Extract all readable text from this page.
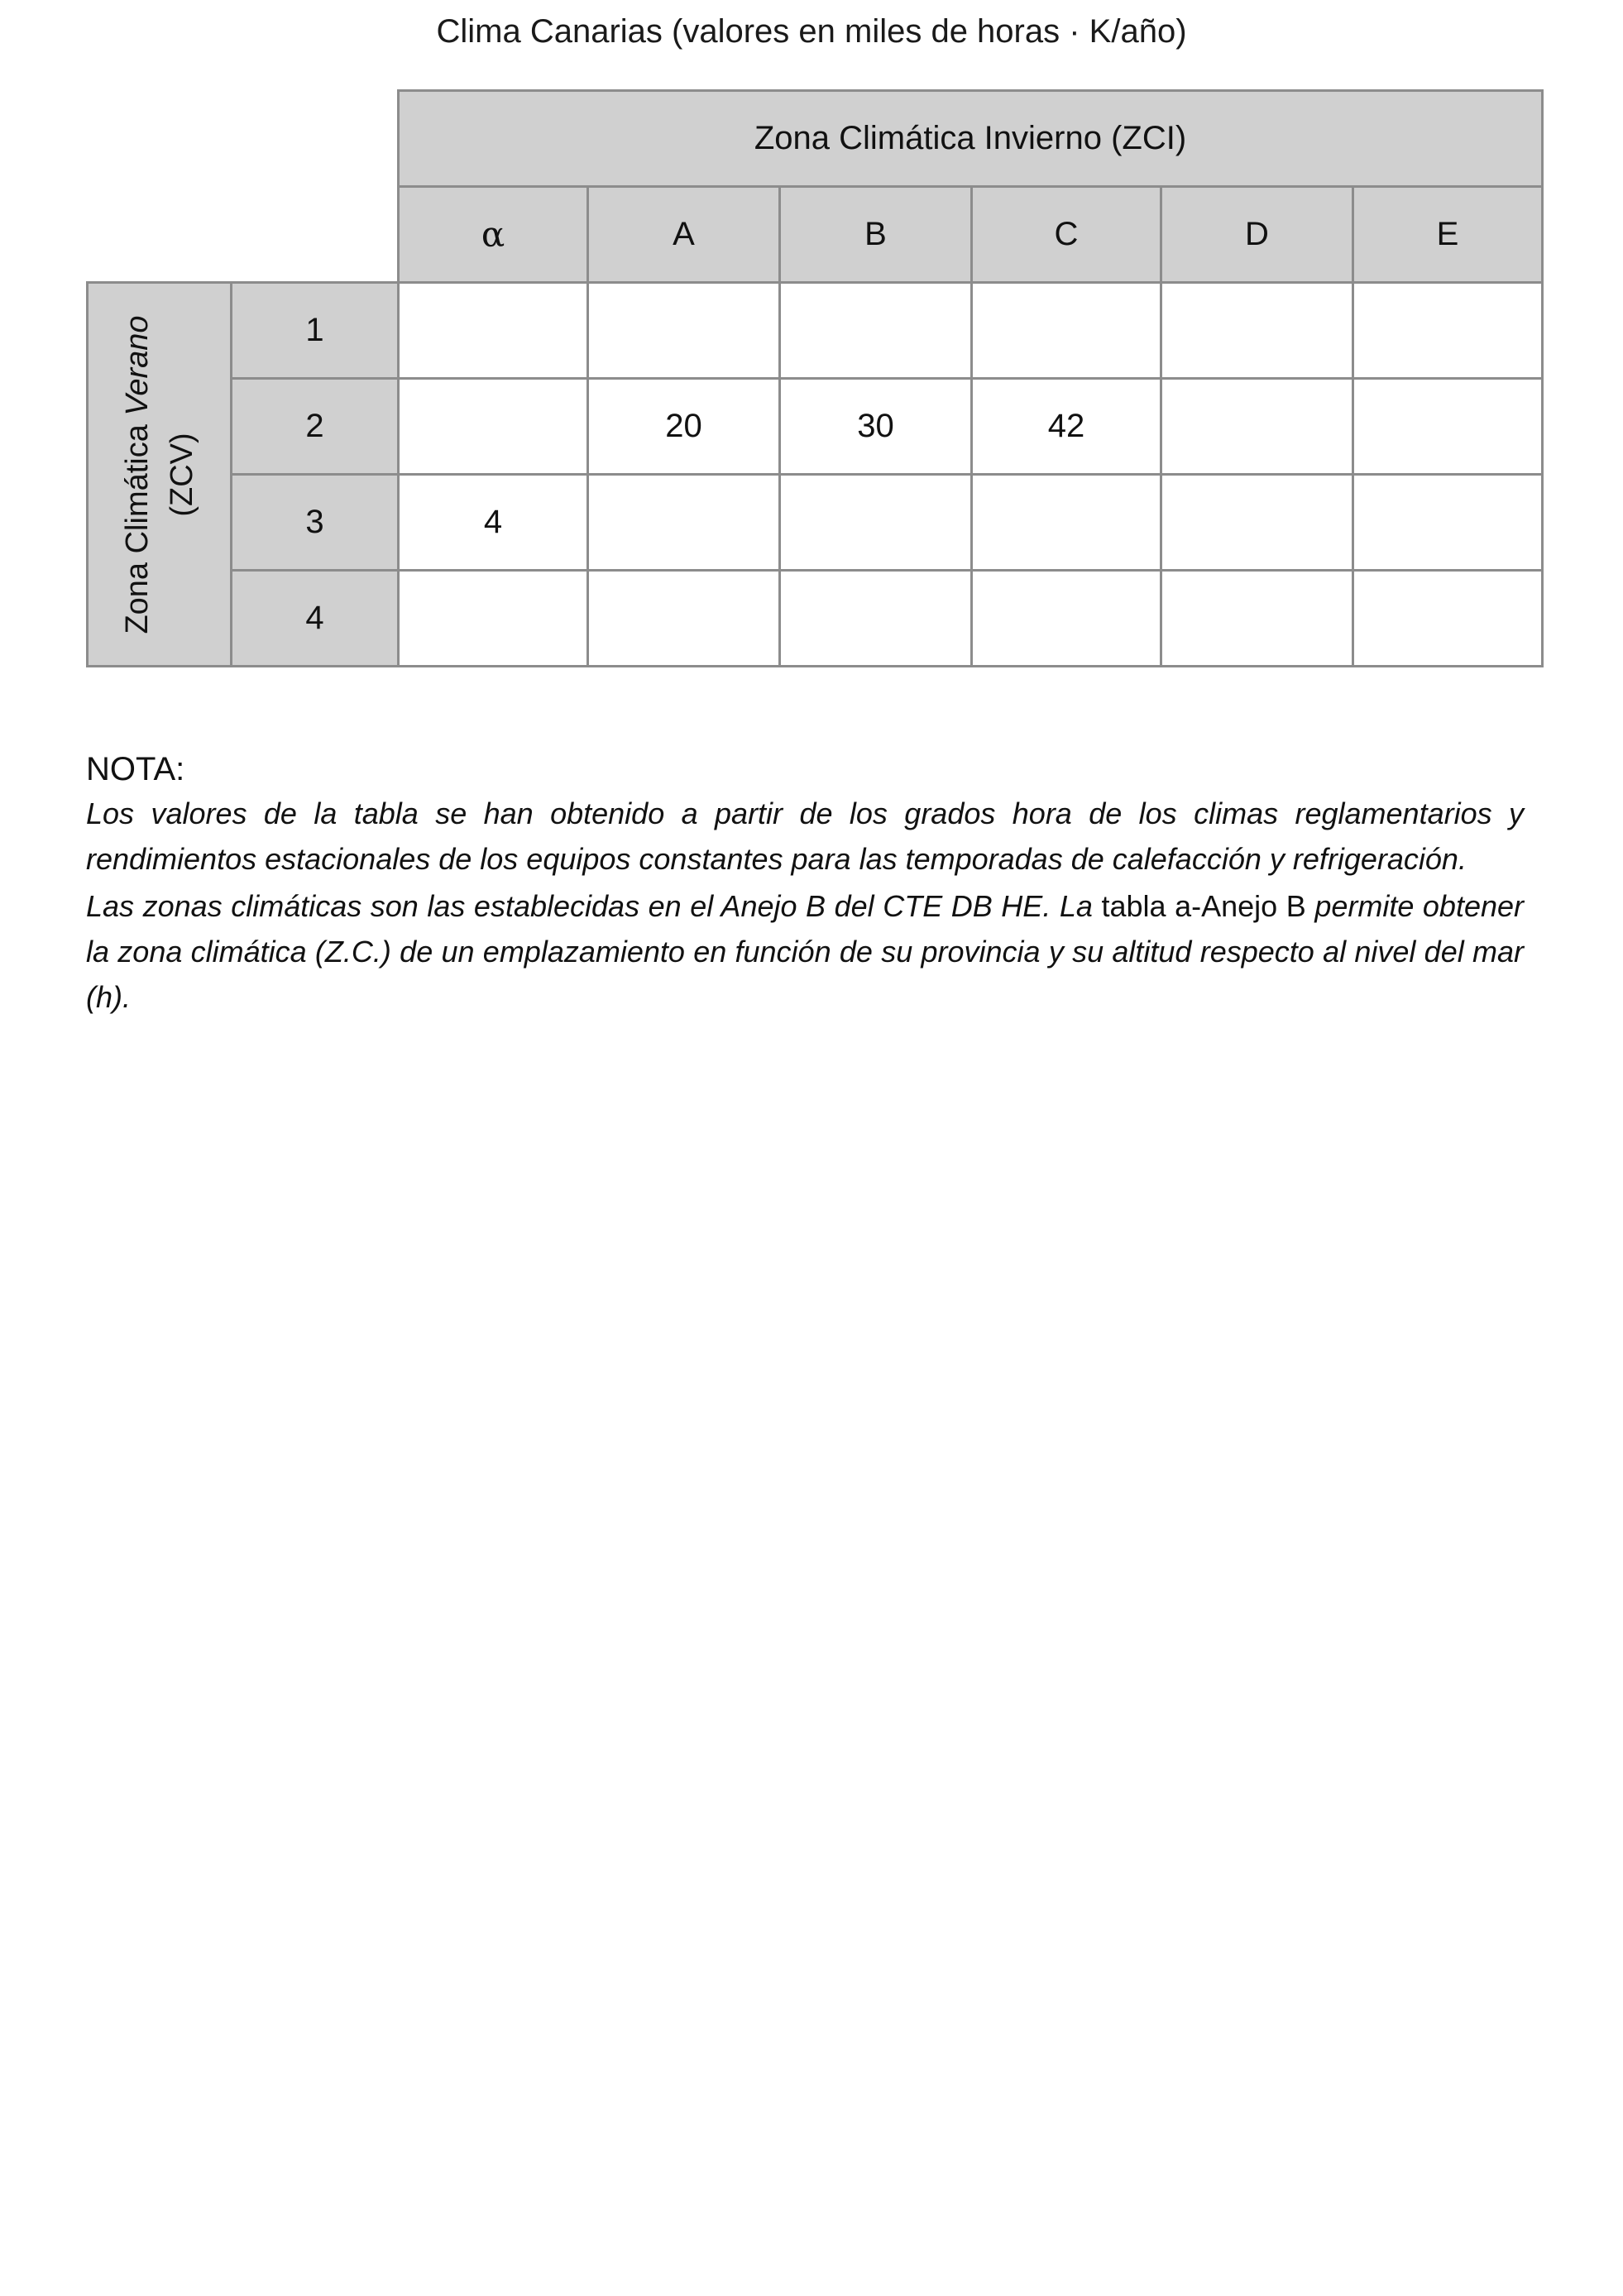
Clima Canarias (valores en miles de horas · K/año)
		Zona Climática Invierno (ZCI)					
		α	A	B	C	D	E

Zona Climática Verano
(ZCV)	1						
	2		20	30	42		
	3	4					
	4						
NOTA:

Los valores de la tabla se han obtenido a partir de los grados hora de los climas reglamentarios y rendimientos estacionales de los equipos constantes para las temporadas de calefacción y refrigeración.

Las zonas climáticas son las establecidas en el Anejo B del CTE DB HE. La tabla a-Anejo B permite obtener la zona climática (Z.C.) de un emplazamiento en función de su provincia y su altitud respecto al nivel del mar (h).
